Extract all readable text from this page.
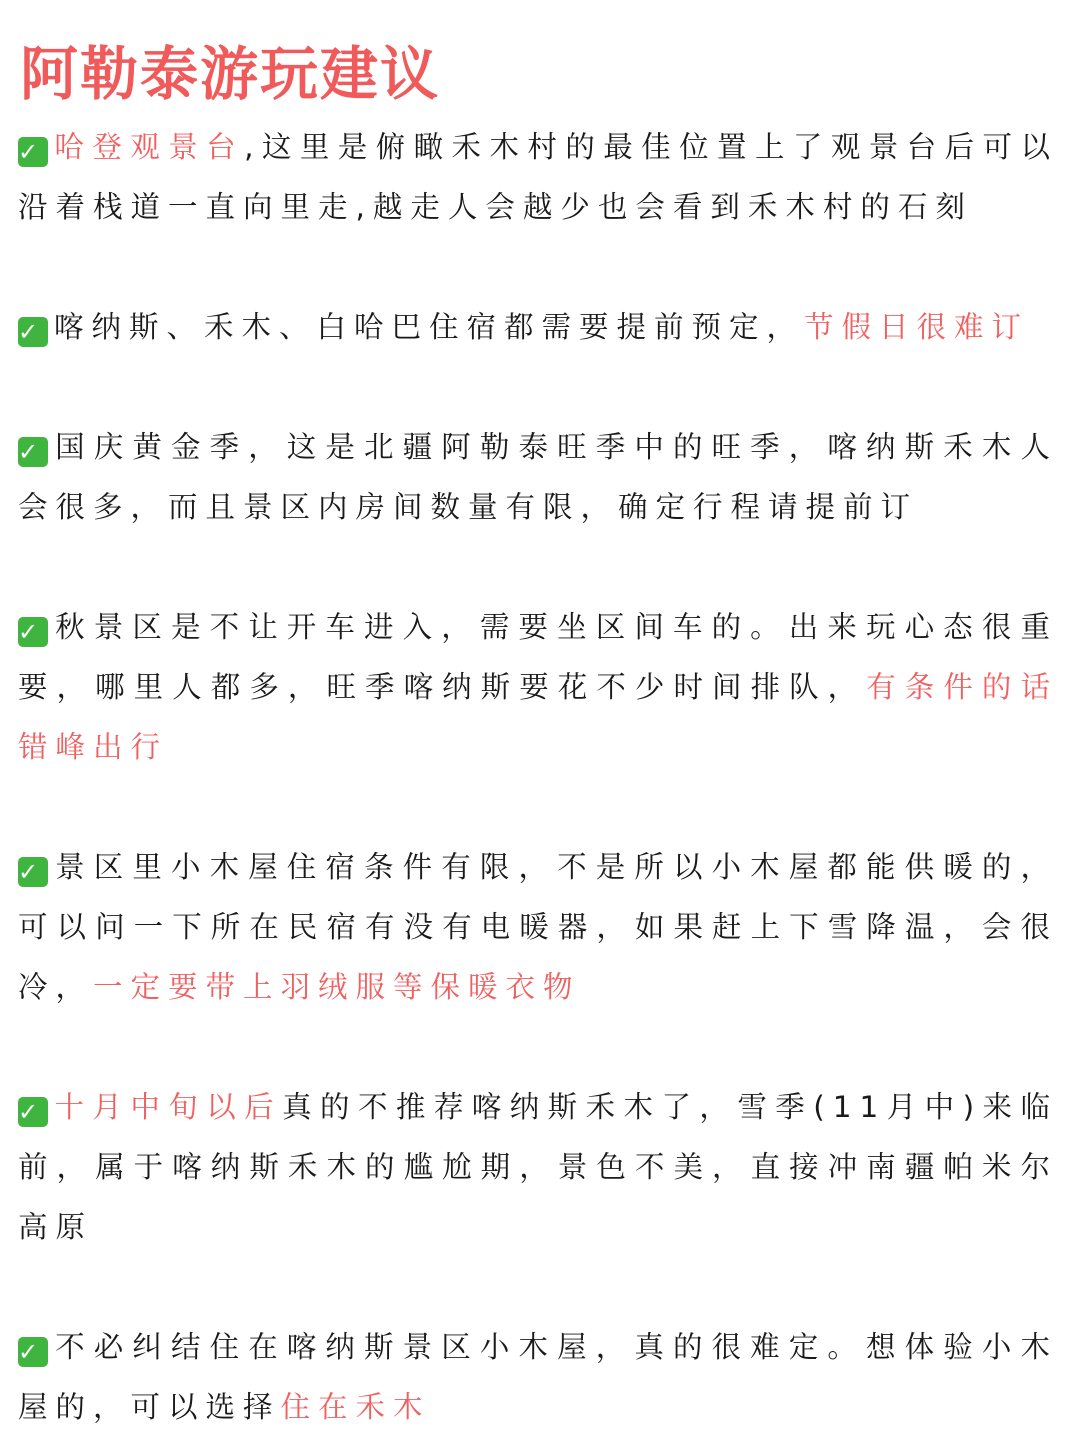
阿勒泰游玩建议

✓ 哈登观景台,这里是俯瞰禾木村的最佳位置上了观景台后可以沿着栈道一直向里走,越走人会越少也会看到禾木村的石刻

✓ 喀纳斯、禾木、白哈巴住宿都需要提前预定，节假日很难订

✓ 国庆黄金季，这是北疆阿勒泰旺季中的旺季，喀纳斯禾木人会很多，而且景区内房间数量有限，确定行程请提前订

✓ 秋景区是不让开车进入，需要坐区间车的。出来玩心态很重要，哪里人都多，旺季喀纳斯要花不少时间排队，有条件的话错峰出行

✓ 景区里小木屋住宿条件有限，不是所以小木屋都能供暖的，可以问一下所在民宿有没有电暖器，如果赶上下雪降温，会很冷，一定要带上羽绒服等保暖衣物

✓ 十月中旬以后真的不推荐喀纳斯禾木了，雪季(11月中)来临前，属于喀纳斯禾木的尴尬期，景色不美，直接冲南疆帕米尔高原

✓ 不必纠结住在喀纳斯景区小木屋，真的很难定。想体验小木屋的，可以选择住在禾木
